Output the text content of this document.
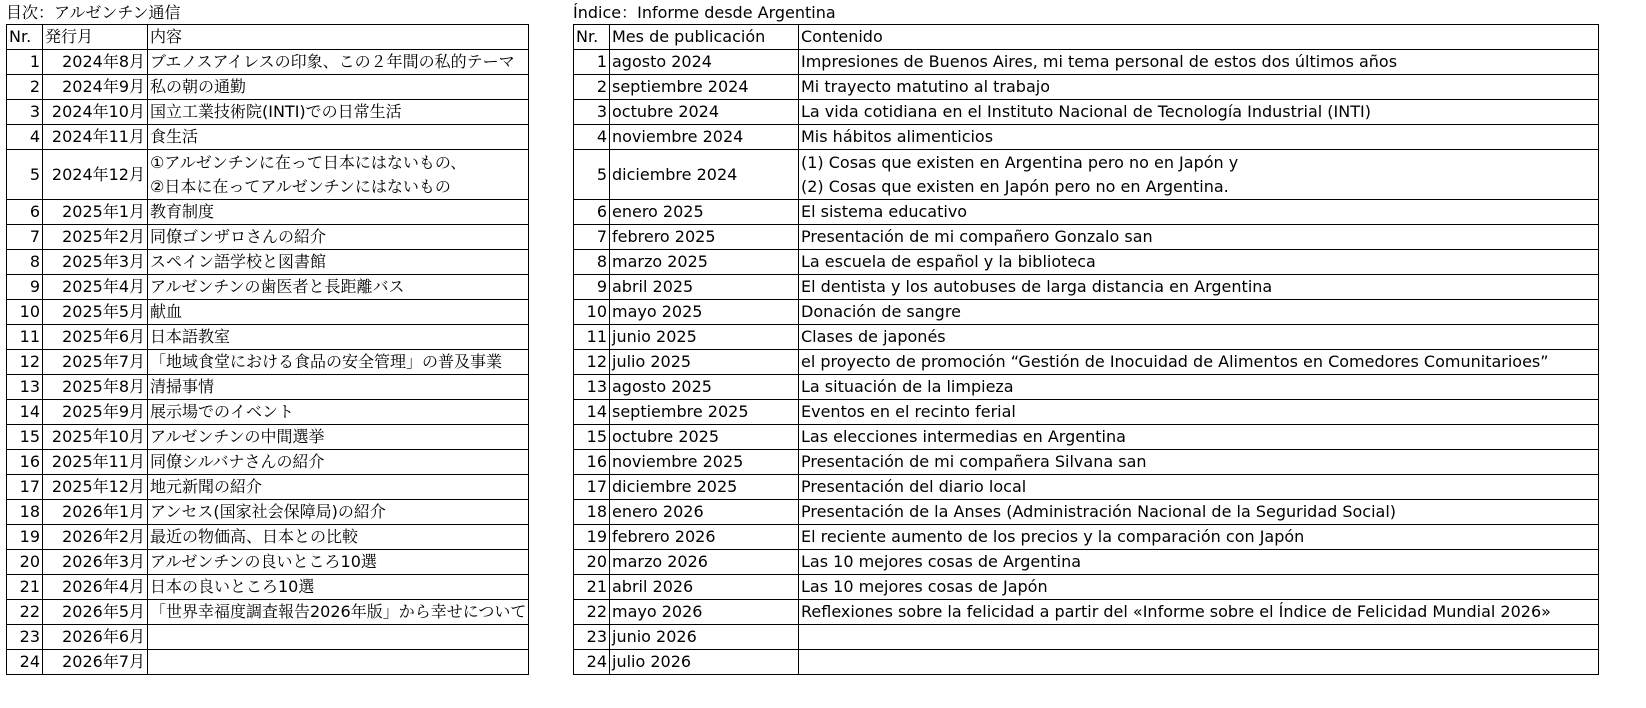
目次：アルゼンチン通信
Nr.	発行月	内容
1	2024年8月	ブエノスアイレスの印象、この２年間の私的テーマ

2	2024年9月	私の朝の通勤

3	2024年10月	国立工業技術院(INTI)での日常生活

4	2024年11月	食生活

5	2024年12月	①アルゼンチンに在って日本にはないもの、
②日本に在ってアルゼンチンにはないもの

6	2025年1月	教育制度

7	2025年2月	同僚ゴンザロさんの紹介

8	2025年3月	スペイン語学校と図書館

9	2025年4月	アルゼンチンの歯医者と長距離バス

10	2025年5月	献血

11	2025年6月	日本語教室

12	2025年7月	「地域食堂における食品の安全管理」の普及事業

13	2025年8月	清掃事情

14	2025年9月	展示場でのイベント

15	2025年10月	アルゼンチンの中間選挙

16	2025年11月	同僚シルバナさんの紹介

17	2025年12月	地元新聞の紹介

18	2026年1月	アンセス(国家社会保障局)の紹介

19	2026年2月	最近の物価高、日本との比較

20	2026年3月	アルゼンチンの良いところ10選

21	2026年4月	日本の良いところ10選

22	2026年5月	「世界幸福度調査報告2026年版」から幸せについて

23	2026年6月	

24	2026年7月	
Índice：Informe desde Argentina
Nr.	Mes de publicación	Contenido
1	agosto 2024	Impresiones de Buenos Aires, mi tema personal de estos dos últimos años

2	septiembre 2024	Mi trayecto matutino al trabajo

3	octubre 2024	La vida cotidiana en el Instituto Nacional de Tecnología Industrial (INTI)

4	noviembre 2024	Mis hábitos alimenticios

5	diciembre 2024	(1) Cosas que existen en Argentina pero no en Japón y
(2) Cosas que existen en Japón pero no en Argentina.

6	enero 2025	El sistema educativo

7	febrero 2025	Presentación de mi compañero Gonzalo san

8	marzo 2025	La escuela de español y la biblioteca

9	abril 2025	El dentista y los autobuses de larga distancia en Argentina

10	mayo 2025	Donación de sangre

11	junio 2025	Clases de japonés

12	julio 2025	el proyecto de promoción “Gestión de Inocuidad de Alimentos en Comedores Comunitarioes”

13	agosto 2025	La situación de la limpieza

14	septiembre 2025	Eventos en el recinto ferial

15	octubre 2025	Las elecciones intermedias en Argentina

16	noviembre 2025	Presentación de mi compañera Silvana san

17	diciembre 2025	Presentación del diario local

18	enero 2026	Presentación de la Anses (Administración Nacional de la Seguridad Social)

19	febrero 2026	El reciente aumento de los precios y la comparación con Japón

20	marzo 2026	Las 10 mejores cosas de Argentina

21	abril 2026	Las 10 mejores cosas de Japón

22	mayo 2026	Reflexiones sobre la felicidad a partir del «Informe sobre el Índice de Felicidad Mundial 2026»

23	junio 2026	

24	julio 2026	
